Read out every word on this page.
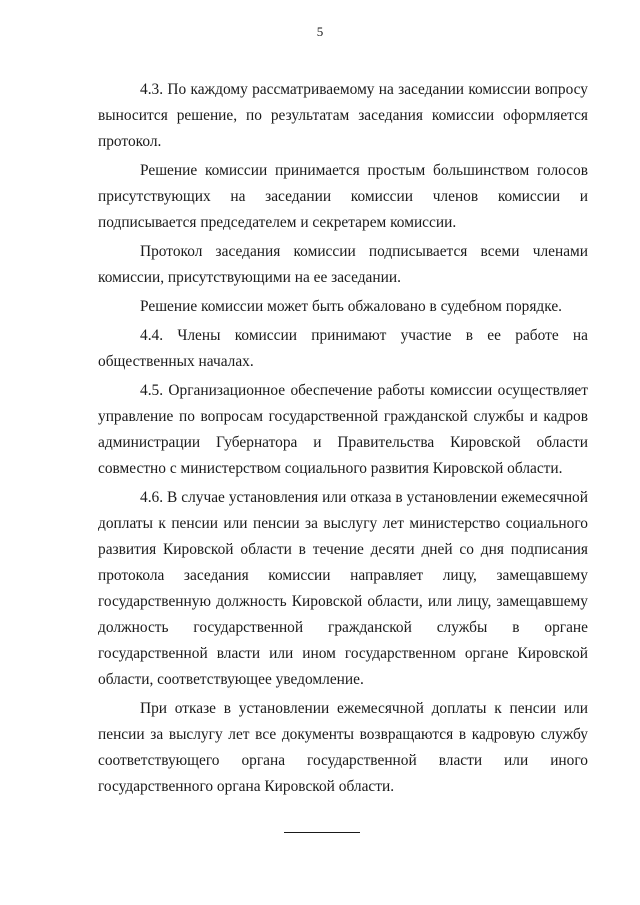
5

4.3. По каждому рассматриваемому на заседании комиссии вопросу выносится решение, по результатам заседания комиссии оформляется протокол.

Решение комиссии принимается простым большинством голосов присутствующих на заседании комиссии членов комиссии и подписывается председателем и секретарем комиссии.

Протокол заседания комиссии подписывается всеми членами комиссии, присутствующими на ее заседании.

Решение комиссии может быть обжаловано в судебном порядке.

4.4. Члены комиссии принимают участие в ее работе на общественных началах.

4.5. Организационное обеспечение работы комиссии осуществляет управление по вопросам государственной гражданской службы и кадров администрации Губернатора и Правительства Кировской области совместно с министерством социального развития Кировской области.

4.6. В случае установления или отказа в установлении ежемесячной доплаты к пенсии или пенсии за выслугу лет министерство социального развития Кировской области в течение десяти дней со дня подписания протокола заседания комиссии направляет лицу, замещавшему государственную должность Кировской области, или лицу, замещавшему должность государственной гражданской службы в органе государственной власти или ином государственном органе Кировской области, соответствующее уведомление.

При отказе в установлении ежемесячной доплаты к пенсии или пенсии за выслугу лет все документы возвращаются в кадровую службу соответствующего органа государственной власти или иного государственного органа Кировской области.
